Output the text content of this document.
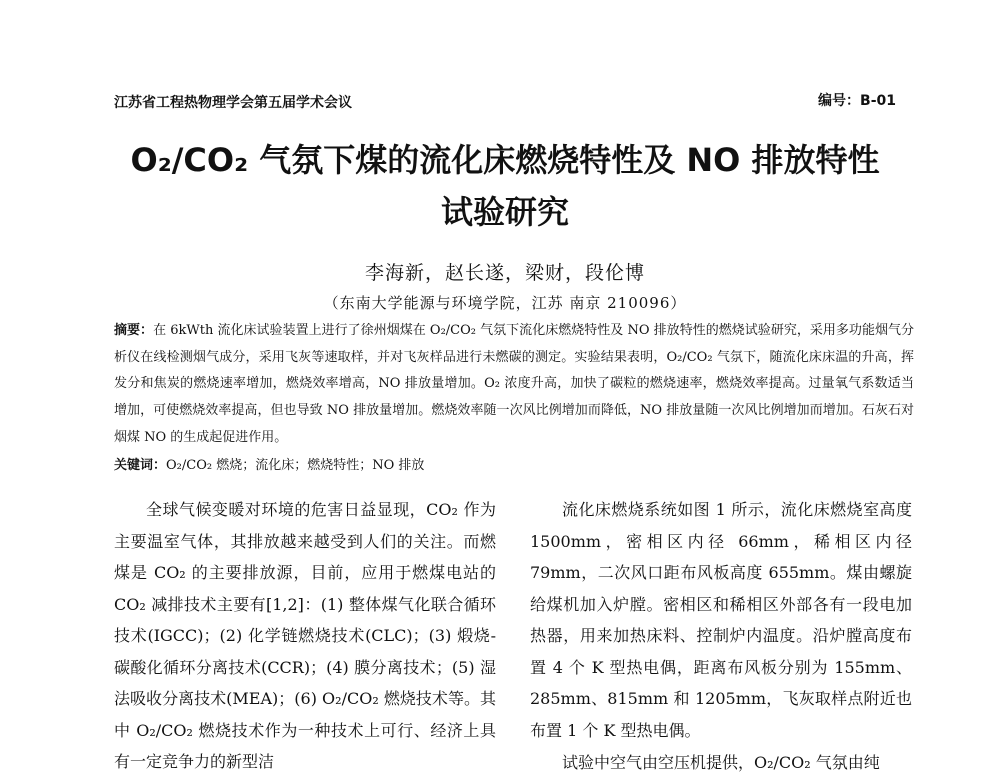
江苏省工程热物理学会第五届学术会议	编号：B-01
O₂/CO₂ 气氛下煤的流化床燃烧特性及 NO 排放特性
试验研究
李海新，赵长遂，梁财，段伦博
（东南大学能源与环境学院，江苏 南京 210096）
摘要：在 6kWth 流化床试验装置上进行了徐州烟煤在 O₂/CO₂ 气氛下流化床燃烧特性及 NO 排放特性的燃烧试验研究，采用多功能烟气分析仪在线检测烟气成分，采用飞灰等速取样，并对飞灰样品进行未燃碳的测定。实验结果表明，O₂/CO₂ 气氛下，随流化床床温的升高，挥发分和焦炭的燃烧速率增加，燃烧效率增高，NO 排放量增加。O₂ 浓度升高，加快了碳粒的燃烧速率，燃烧效率提高。过量氧气系数适当增加，可使燃烧效率提高，但也导致 NO 排放量增加。燃烧效率随一次风比例增加而降低，NO 排放量随一次风比例增加而增加。石灰石对烟煤 NO 的生成起促进作用。
关键词：O₂/CO₂ 燃烧；流化床；燃烧特性；NO 排放
全球气候变暖对环境的危害日益显现，CO₂ 作为主要温室气体，其排放越来越受到人们的关注。而燃煤是 CO₂ 的主要排放源，目前，应用于燃煤电站的 CO₂ 减排技术主要有[1,2]：(1) 整体煤气化联合循环技术(IGCC)；(2) 化学链燃烧技术(CLC)；(3) 煅烧-碳酸化循环分离技术(CCR)；(4) 膜分离技术；(5) 湿法吸收分离技术(MEA)；(6) O₂/CO₂ 燃烧技术等。其中 O₂/CO₂ 燃烧技术作为一种技术上可行、经济上具有一定竞争力的新型洁

流化床燃烧系统如图 1 所示，流化床燃烧室高度 1500mm，密相区内径 66mm，稀相区内径 79mm，二次风口距布风板高度 655mm。煤由螺旋给煤机加入炉膛。密相区和稀相区外部各有一段电加热器，用来加热床料、控制炉内温度。沿炉膛高度布置 4 个 K 型热电偶，距离布风板分别为 155mm、285mm、815mm 和 1205mm，飞灰取样点附近也布置 1 个 K 型热电偶。

试验中空气由空压机提供，O₂/CO₂ 气氛由纯
